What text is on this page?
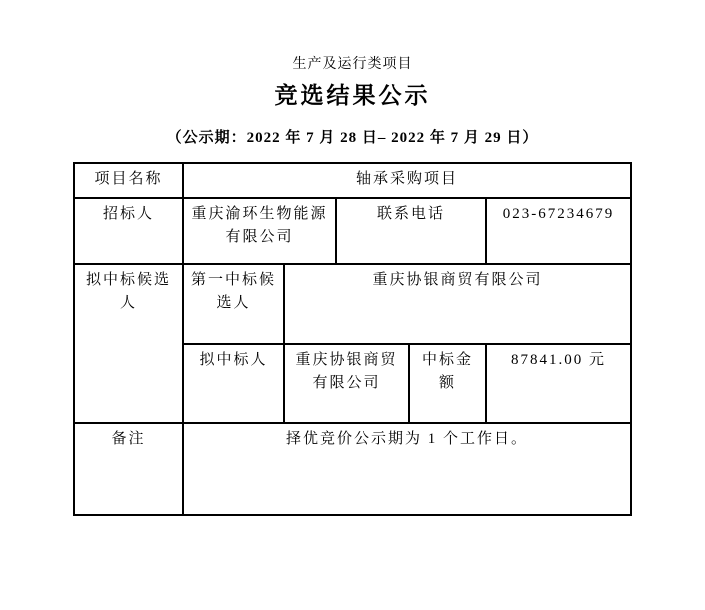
生产及运行类项目
竞选结果公示
（公示期：2022 年 7 月 28 日– 2022 年 7 月 29 日）
项目名称	轴承采购项目				
招标人	重庆渝环生物能源有限公司		联系电话		023-67234679
拟中标候选人	第一中标候选人	重庆协银商贸有限公司			
	拟中标人	重庆协银商贸有限公司		中标金额	87841.00 元
备注	择优竞价公示期为 1 个工作日。				
